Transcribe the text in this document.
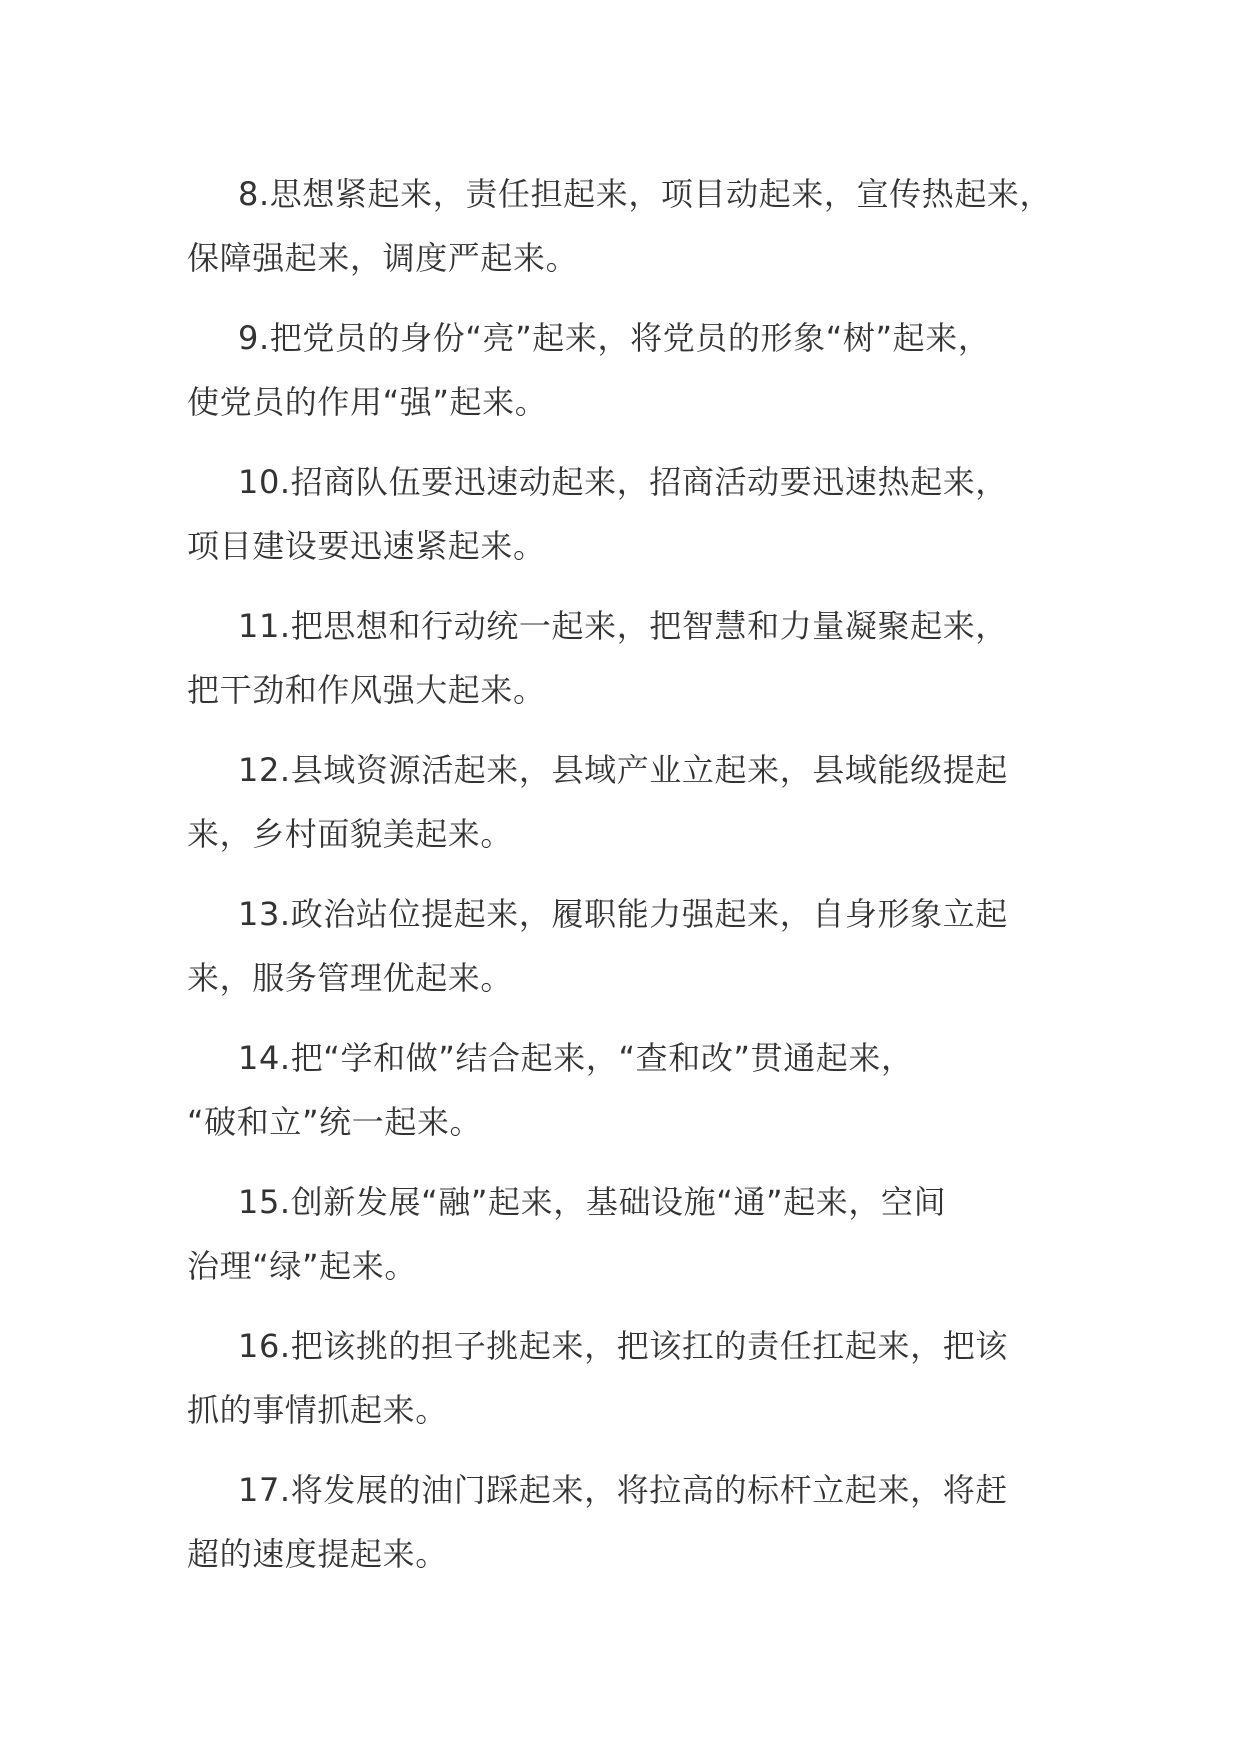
8.思想紧起来，责任担起来，项目动起来，宣传热起来，
保障强起来，调度严起来。

9.把党员的身份“亮”起来，将党员的形象“树”起来，
使党员的作用“强”起来。

10.招商队伍要迅速动起来，招商活动要迅速热起来，
项目建设要迅速紧起来。

11.把思想和行动统一起来，把智慧和力量凝聚起来，
把干劲和作风强大起来。

12.县域资源活起来，县域产业立起来，县域能级提起
来，乡村面貌美起来。

13.政治站位提起来，履职能力强起来，自身形象立起
来，服务管理优起来。

14.把“学和做”结合起来，“查和改”贯通起来，
“破和立”统一起来。

15.创新发展“融”起来，基础设施“通”起来，空间
治理“绿”起来。

16.把该挑的担子挑起来，把该扛的责任扛起来，把该
抓的事情抓起来。

17.将发展的油门踩起来，将拉高的标杆立起来，将赶
超的速度提起来。
